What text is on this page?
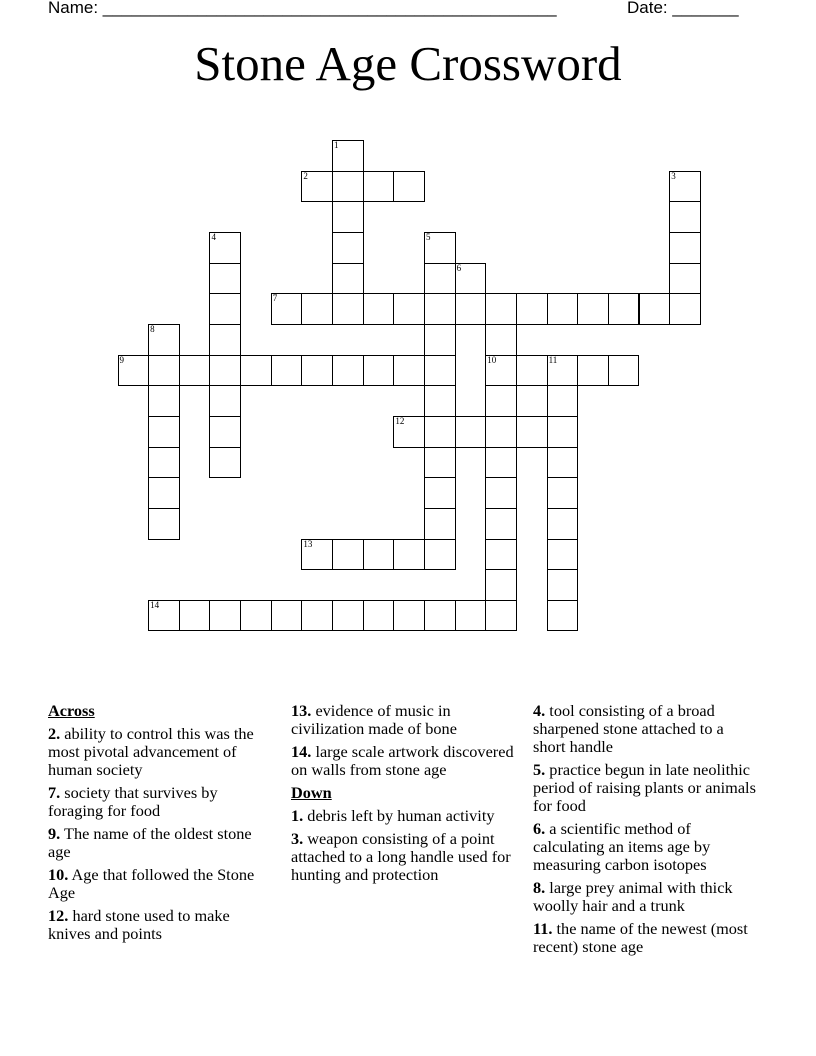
Name: ________________________________________________	Date: _______
Stone Age Crossword
1
2	3
4	5
6
7
8
9	10	11
12
13
14
Across
2. ability to control this was the most pivotal advancement of human society
7. society that survives by foraging for food
9. The name of the oldest stone age
10. Age that followed the Stone Age
12. hard stone used to make knives and points
13. evidence of music in civilization made of bone
14. large scale artwork discovered on walls from stone age
Down
1. debris left by human activity
3. weapon consisting of a point attached to a long handle used for hunting and protection
4. tool consisting of a broad sharpened stone attached to a short handle
5. practice begun in late neolithic period of raising plants or animals for food
6. a scientific method of calculating an items age by measuring carbon isotopes
8. large prey animal with thick woolly hair and a trunk
11. the name of the newest (most recent) stone age
